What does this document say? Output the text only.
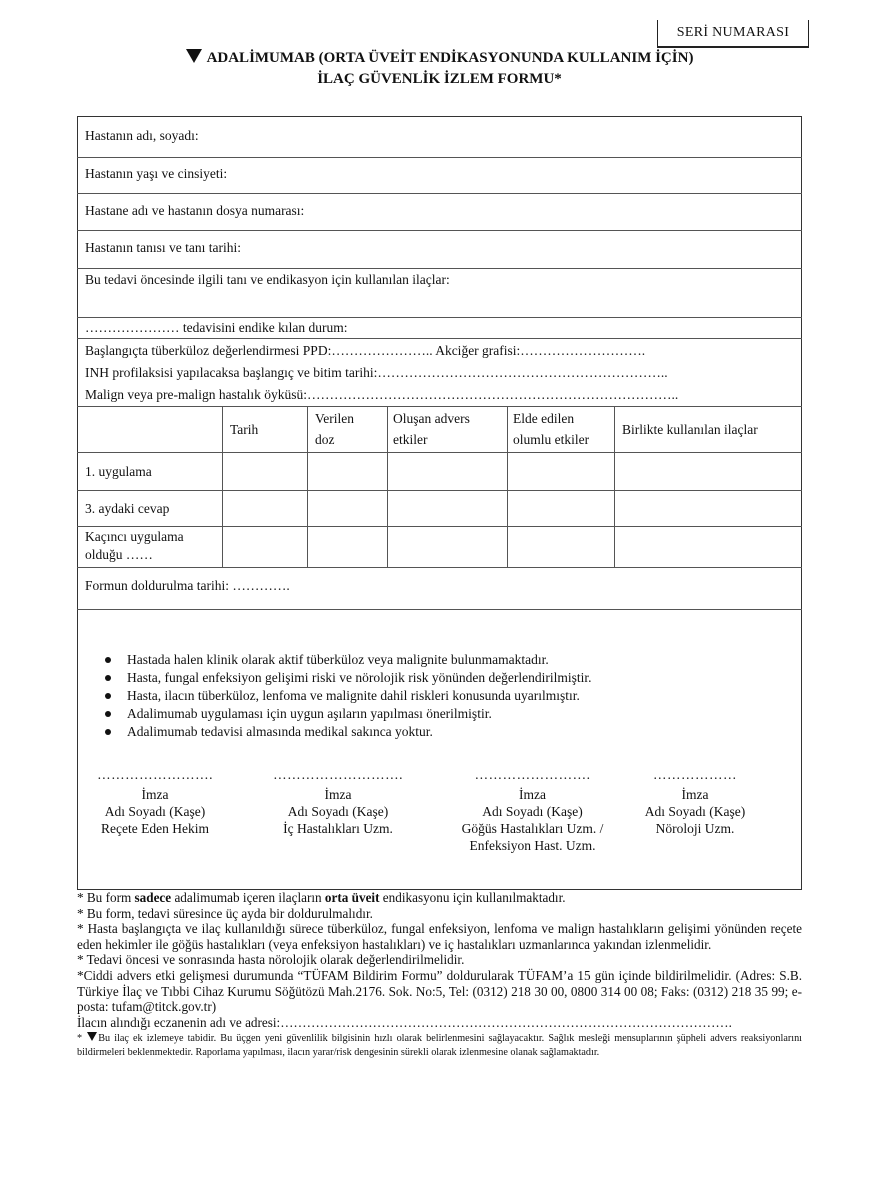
SERİ NUMARASI
ADALİMUMAB (ORTA ÜVEİT ENDİKASYONUNDA KULLANIM İÇİN)
İLAÇ GÜVENLİK İZLEM FORMU*
Hastanın adı, soyadı:
Hastanın yaşı ve cinsiyeti:
Hastane adı ve hastanın dosya numarası:
Hastanın tanısı ve tanı tarihi:
Bu tedavi öncesinde ilgili tanı ve endikasyon için kullanılan ilaçlar:
………………… tedavisini endike kılan durum:
Başlangıçta tüberküloz değerlendirmesi PPD:………………….. Akciğer grafisi:……………………….
INH profilaksisi yapılacaksa başlangıç ve bitim tarihi:………………………………………………………..
Malign veya pre-malign hastalık öyküsü:………………………………………………………………………..
Tarih
Verilen
doz
Oluşan advers
etkiler
Elde edilen
olumlu etkiler
Birlikte kullanılan ilaçlar
1. uygulama
3. aydaki cevap
Kaçıncı uygulama
olduğu ……
Formun doldurulma tarihi: ………….
Hastada halen klinik olarak aktif tüberküloz veya malignite bulunmamaktadır.
Hasta, fungal enfeksiyon gelişimi riski ve nörolojik risk yönünden değerlendirilmiştir.
Hasta, ilacın tüberküloz, lenfoma ve malignite dahil riskleri konusunda uyarılmıştır.
Adalimumab uygulaması için uygun aşıların yapılması önerilmiştir.
Adalimumab tedavisi almasında medikal sakınca yoktur.
…………………….
İmza
Adı Soyadı (Kaşe)
Reçete Eden Hekim
……………………….
İmza
Adı Soyadı (Kaşe)
İç Hastalıkları Uzm.
…………………….
İmza
Adı Soyadı (Kaşe)
Göğüs Hastalıkları Uzm. /
Enfeksiyon Hast. Uzm.
………………
İmza
Adı Soyadı (Kaşe)
Nöroloji Uzm.

* Bu form sadece adalimumab içeren ilaçların orta üveit endikasyonu için kullanılmaktadır.

* Bu form, tedavi süresince üç ayda bir doldurulmalıdır.

* Hasta başlangıçta ve ilaç kullanıldığı sürece tüberküloz, fungal enfeksiyon, lenfoma ve malign hastalıkların gelişimi yönünden reçete eden hekimler ile göğüs hastalıkları (veya enfeksiyon hastalıkları) ve iç hastalıkları uzmanlarınca yakından izlenmelidir.

* Tedavi öncesi ve sonrasında hasta nörolojik olarak değerlendirilmelidir.

*Ciddi advers etki gelişmesi durumunda “TÜFAM Bildirim Formu” doldurularak TÜFAM’a 15 gün içinde bildirilmelidir. (Adres: S.B. Türkiye İlaç ve Tıbbi Cihaz Kurumu Söğütözü Mah.2176. Sok. No:5, Tel: (0312) 218 30 00, 0800 314 00 08; Faks: (0312) 218 35 99; e-posta: tufam@titck.gov.tr)

İlacın alındığı eczanenin adı ve adresi:………………………………………………………………………………………….

* Bu ilaç ek izlemeye tabidir. Bu üçgen yeni güvenlilik bilgisinin hızlı olarak belirlenmesini sağlayacaktır. Sağlık mesleği mensuplarının şüpheli advers reaksiyonlarını bildirmeleri beklenmektedir. Raporlama yapılması, ilacın yarar/risk dengesinin sürekli olarak izlenmesine olanak sağlamaktadır.
